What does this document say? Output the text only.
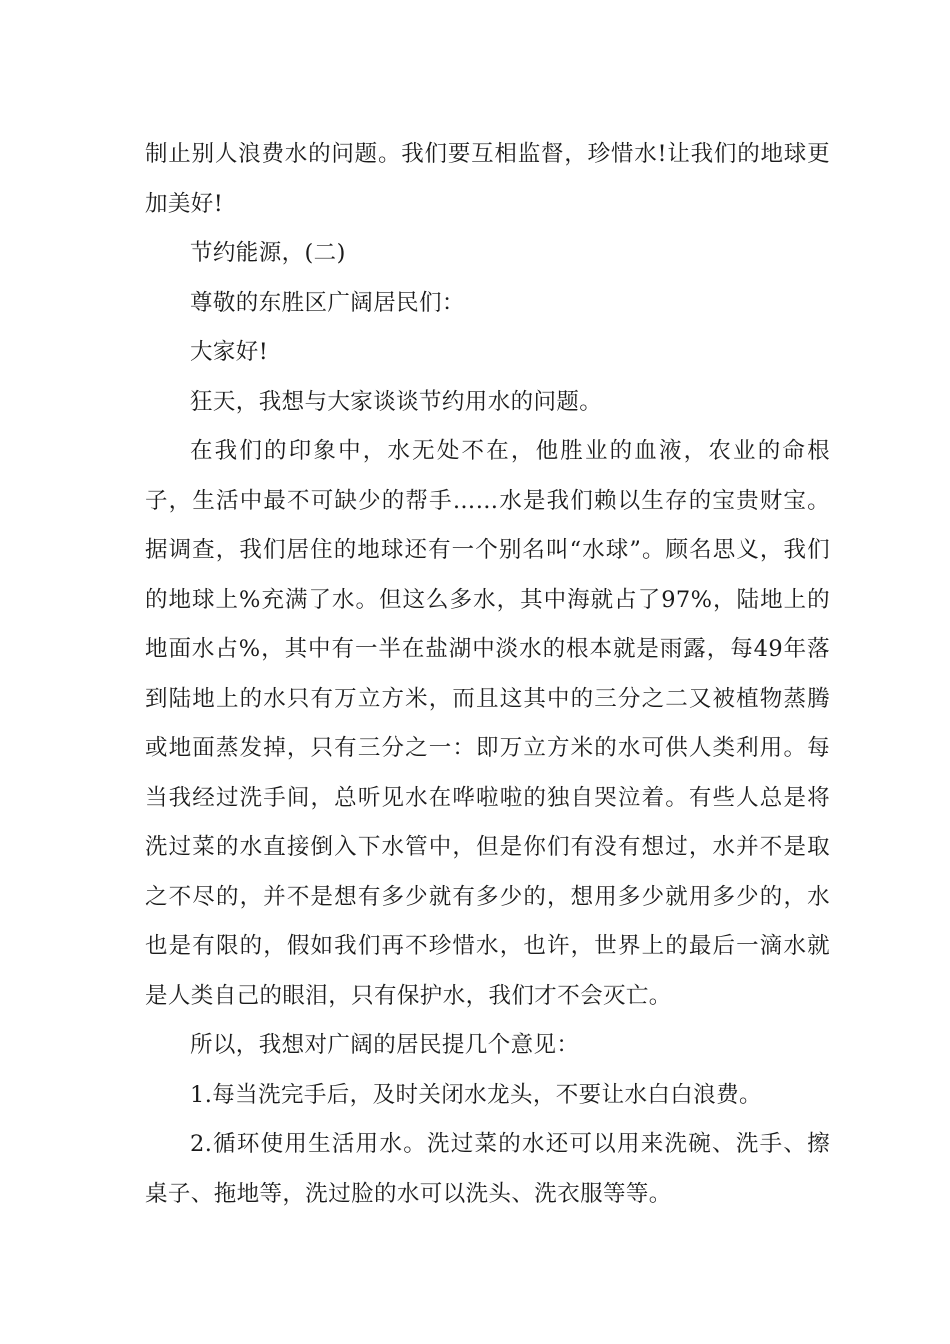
制止别人浪费水的问题。我们要互相监督，珍惜水!让我们的地球更加美好!

节约能源，(二)

尊敬的东胜区广阔居民们：

大家好!

狂天，我想与大家谈谈节约用水的问题。

在我们的印象中，水无处不在，他胜业的血液，农业的命根子，生活中最不可缺少的帮手……水是我们赖以生存的宝贵财宝。据调查，我们居住的地球还有一个别名叫“水球”。顾名思义，我们的地球上%充满了水。但这么多水，其中海就占了97%，陆地上的地面水占%，其中有一半在盐湖中淡水的根本就是雨露，每49年落到陆地上的水只有万立方米，而且这其中的三分之二又被植物蒸腾或地面蒸发掉，只有三分之一：即万立方米的水可供人类利用。每当我经过洗手间，总听见水在哗啦啦的独自哭泣着。有些人总是将洗过菜的水直接倒入下水管中，但是你们有没有想过，水并不是取之不尽的，并不是想有多少就有多少的，想用多少就用多少的，水也是有限的，假如我们再不珍惜水，也许，世界上的最后一滴水就是人类自己的眼泪，只有保护水，我们才不会灭亡。

所以，我想对广阔的居民提几个意见：

1.每当洗完手后，及时关闭水龙头，不要让水白白浪费。

2.循环使用生活用水。洗过菜的水还可以用来洗碗、洗手、擦桌子、拖地等，洗过脸的水可以洗头、洗衣服等等。
